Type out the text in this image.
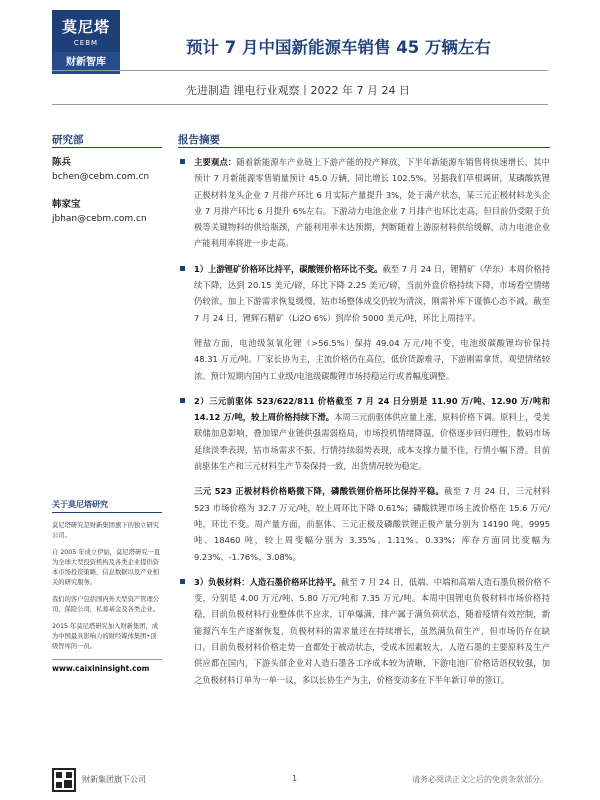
莫尼塔
CEBM
财新智库
预计 7 月中国新能源车销售 45 万辆左右
先进制造 锂电行业观察丨2022 年 7 月 24 日
研究部	报告摘要
陈兵
bchen@cebm.com.cn
韩家宝
jbhan@cebm.com.cn
关于莫尼塔研究

莫尼塔研究是财新集团旗下的独立研究公司。

自 2005 年成立伊始，莫尼塔研究一直为全球大型投资机构及各类企业提供资本市场投资策略、信息数据以及产业相关的研究服务。

我们的客户包括国内外大型资产管理公司，保险公司，私募基金及各类企业。

2015 年莫尼塔研究加入财新集团，成为中国最具影响力的财经媒体集团•顶级智库的一员。

www.caixininsight.com
主要观点：随着新能源车产业链上下游产能的投产释放，下半年新能源车销售将快速增长，其中预计 7 月新能源零售销量预计 45.0 万辆，同比增长 102.5%。另据我们草根调研，某磷酸铁锂正极材料龙头企业 7 月排产环比 6 月实际产量提升 3%，处于满产状态，某三元正极材料龙头企业 7 月排产环比 6 月提升 6%左右。下游动力电池企业 7 月排产也环比走高，但目前仍受限于负极等关键物料的供给瓶颈，产能利用率未达预期，判断随着上游原材料供给缓解，动力电池企业产能利用率将进一步走高。
1）上游锂矿价格环比持平，碳酸锂价格环比不变。截至 7 月 24 日，锂精矿（华东）本周价格持续下降，达到 20.15 美元/磅，环比下降 2.25 美元/磅，当前外盘价格持续下降，市场看空情绪仍较浓，加上下游需求恢复缓慢，钴市场整体成交仍较为清淡，刚需补库下谨慎心态不减。截至 7 月 24 日，锂辉石精矿（Li2O 6%）到岸价 5000 美元/吨，环比上周持平。
锂盐方面，电池级氢氧化锂（>56.5%）保持 49.04 万元/吨不变，电池级碳酸锂均价保持 48.31 万元/吨。厂家长协为主，主流价格仍在高位，低价货源难寻，下游刚需拿货，观望情绪较浓。预计短期内国内工业级/电池级碳酸锂市场持稳运行或者幅度调整。
2）三元前驱体 523/622/811 价格截至 7 月 24 日分别是 11.90 万/吨、12.90 万/吨和 14.12 万/吨，较上周价格持续下滑。本周三元前驱体供应量上涨，原料价格下调。原料上，受美联储加息影响，叠加镍产业链供强需弱格局，市场投机情绪降温，价格逐步回归理性，数码市场延续淡季表现，钴市场需求不振，行情持续弱势表现，成本支撑力量不佳，行情小幅下滑。目前前驱体生产和三元材料生产节奏保持一致，出货情况较为稳定。
三元 523 正极材料价格略微下降，磷酸铁锂价格环比保持平稳。截至 7 月 24 日，三元材料 523 市场价格为 32.7 万元/吨，较上周环比下降 0.61%；磷酸铁锂市场主流价格在 15.6 万元/吨，环比不变。周产量方面，前驱体、三元正极及磷酸铁锂正极产量分别为 14190 吨、9995 吨、18460 吨，较上周变幅分别为 3.35%、1.11%、0.33%；库存方面同比变幅为 9.23%、-1.76%、3.08%。
3）负极材料：人造石墨价格环比持平。截至 7 月 24 日，低端、中端和高端人造石墨负极价格不变，分别是 4.00 万元/吨、5.80 万元/吨和 7.35 万元/吨。本周中国锂电负极材料市场价格持稳，目前负极材料行业整体供不应求，订单爆满，排产属于满负荷状态，随着疫情有效控制，新能源汽车生产逐渐恢复，负极材料的需求量还在持续增长，虽然满负荷生产，但市场仍存在缺口。目前负极材料价格走势一直都处于被动状态，受成本因素较大，人造石墨的主要原料及生产供应都在国内，下游头部企业对人造石墨各工序成本较为清晰，下游电池厂价格话语权较强，加之负极材料订单为一单一议，多以长协生产为主，价格变动多在下半年新订单的签订。
财新集团旗下公司	1	请务必阅读正文之后的免责条款部分。
